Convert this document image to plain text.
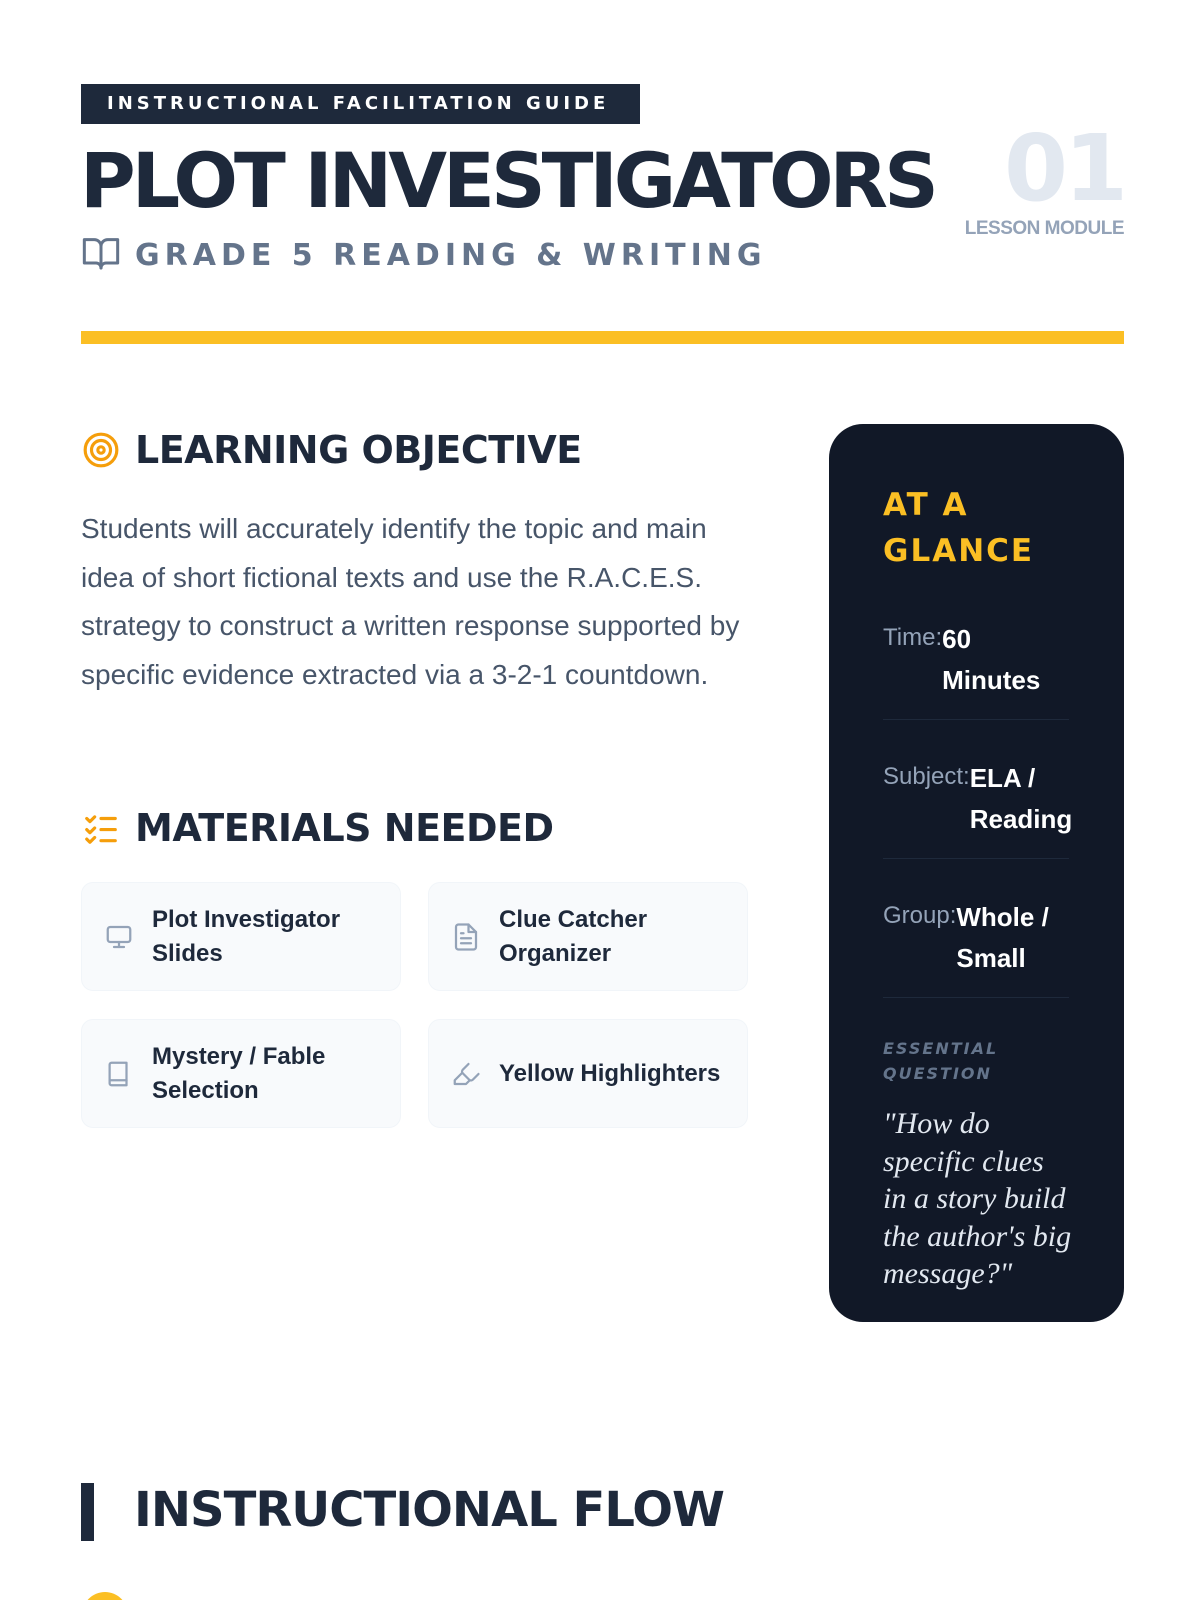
INSTRUCTIONAL FACILITATION GUIDE
PLOT INVESTIGATORS 01
LESSON MODULE
GRADE 5 READING & WRITING
LEARNING OBJECTIVE

Students will accurately identify the topic and main idea of short fictional texts and use the R.A.C.E.S. strategy to construct a written response supported by specific evidence extracted via a 3-2-1 countdown.

MATERIALS NEEDED
Plot Investigator Slides
Clue Catcher Organizer
Mystery / Fable Selection
Yellow Highlighters
AT A GLANCE
Time: 60 Minutes
Subject: ELA / Reading
Group: Whole / Small
ESSENTIAL QUESTION
"How do specific clues in a story build the author's big message?"
INSTRUCTIONAL FLOW
